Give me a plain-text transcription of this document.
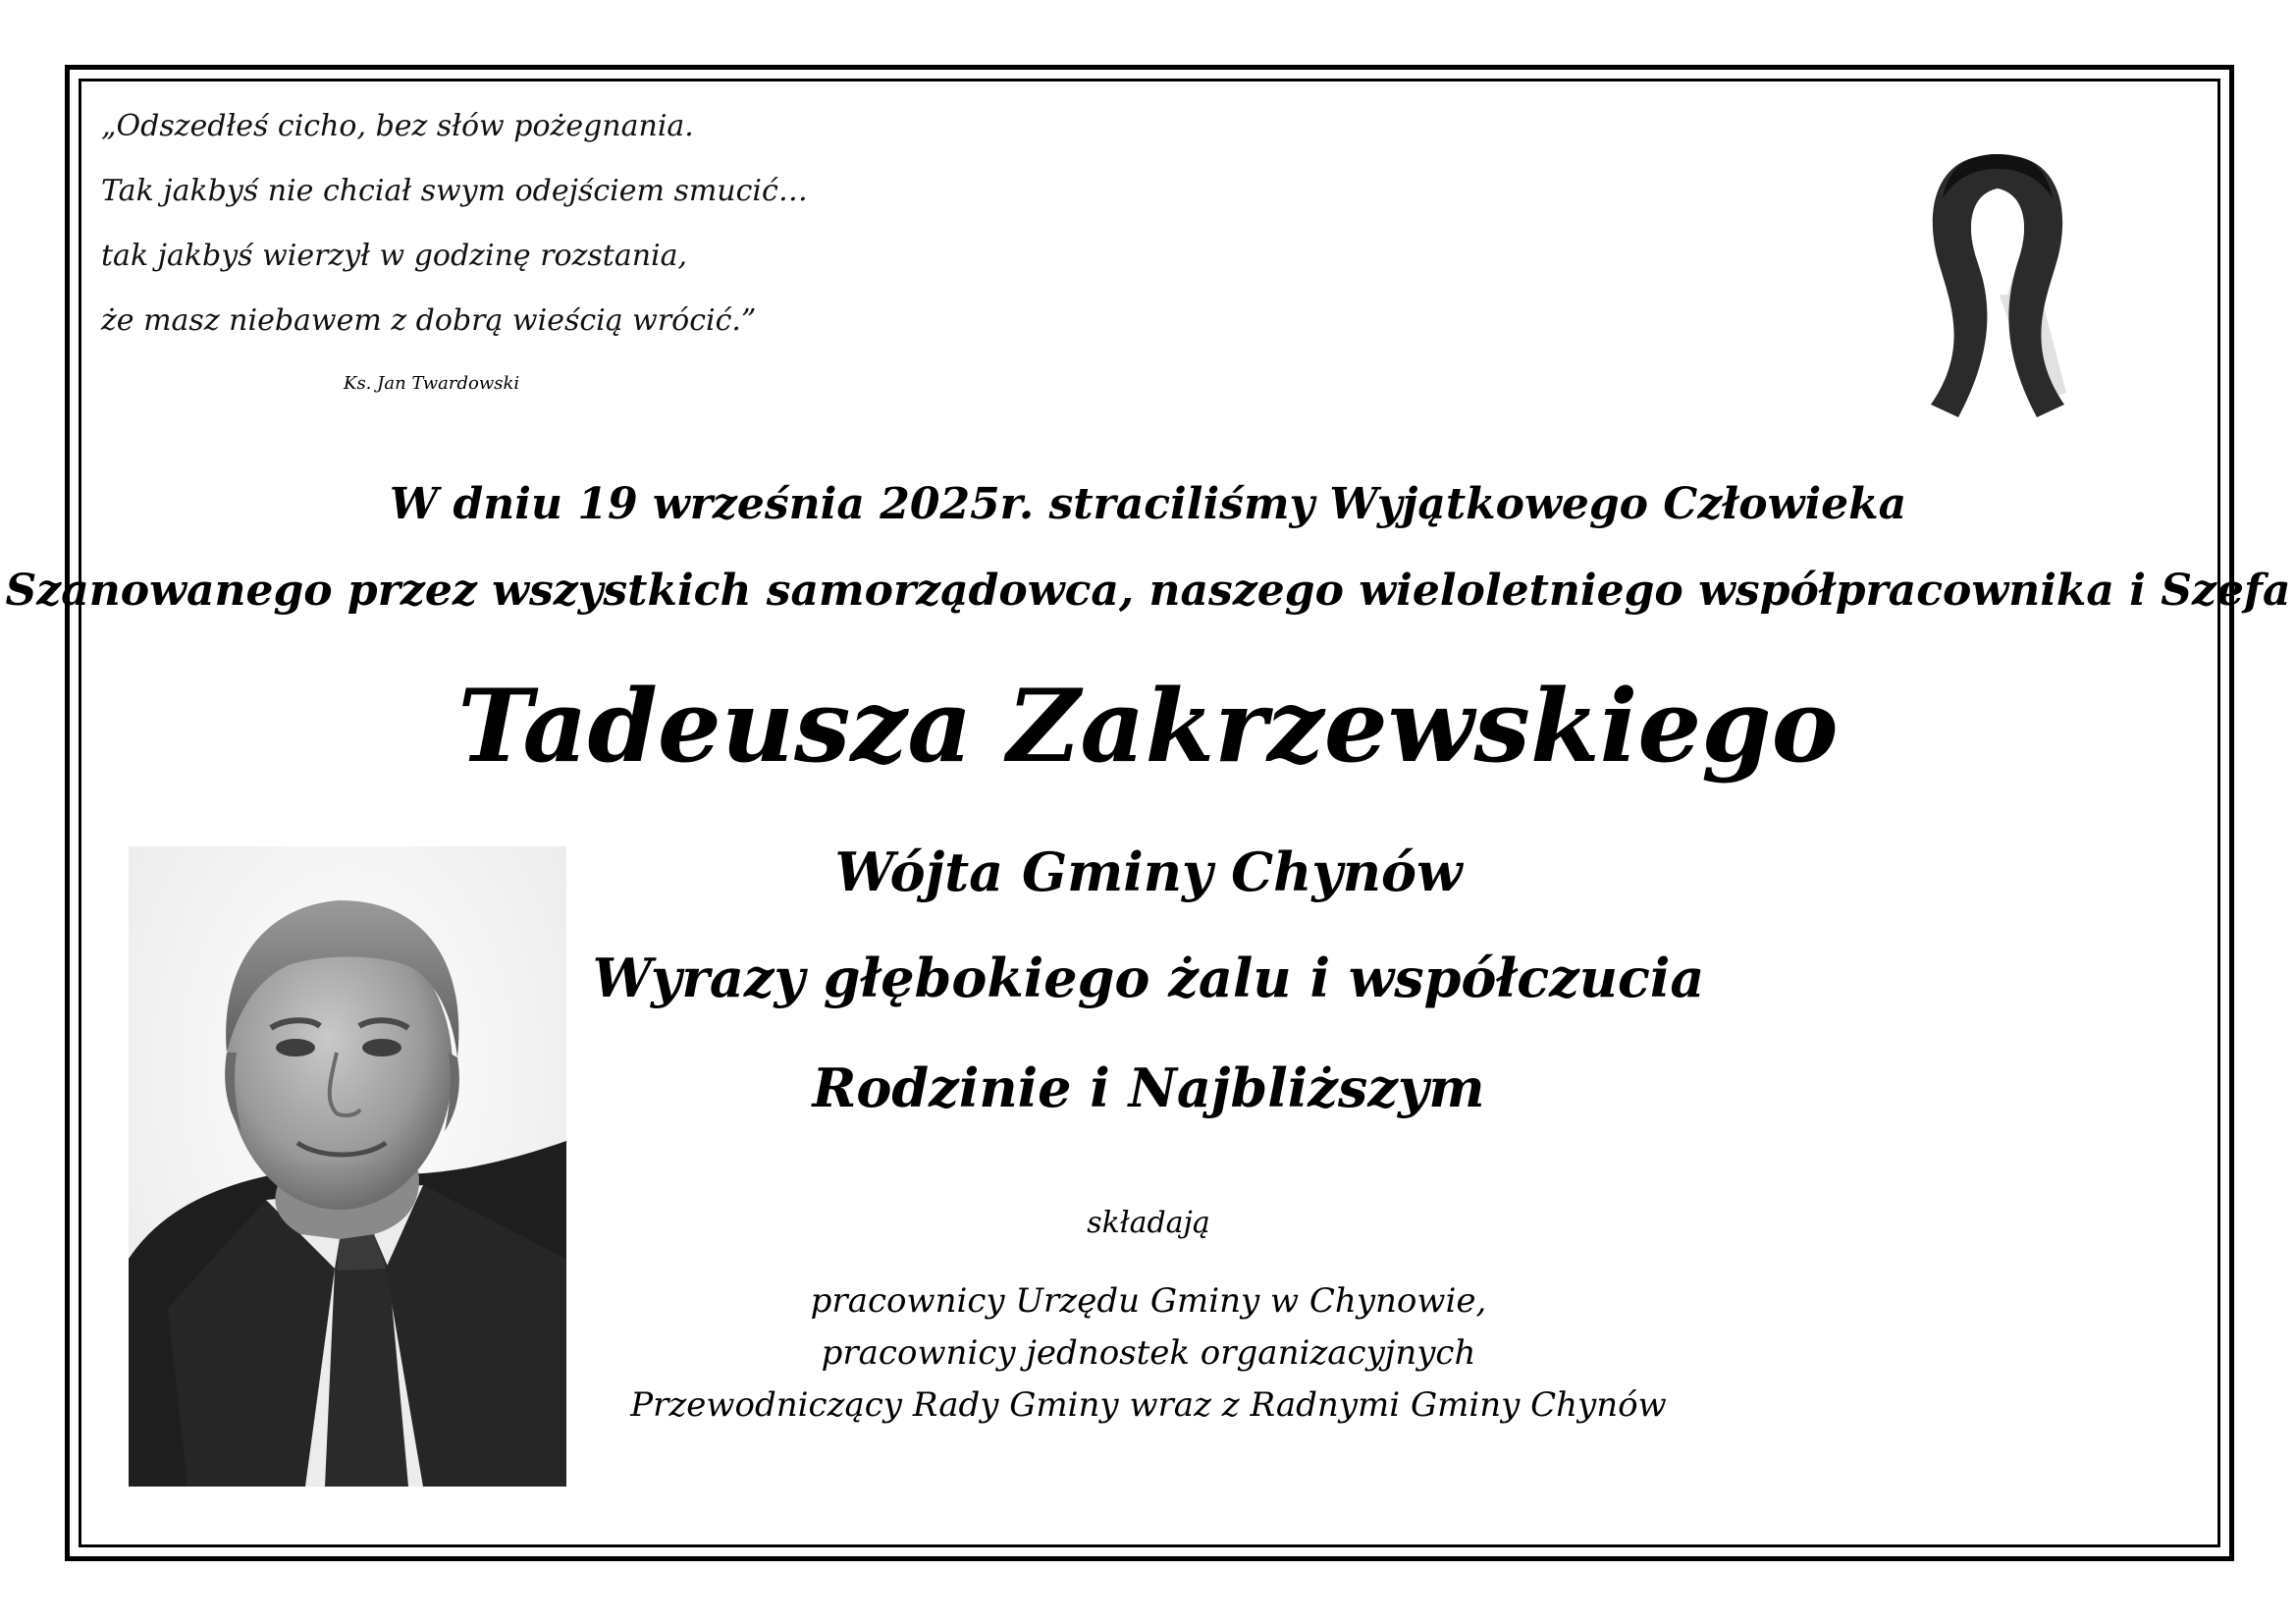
„Odszedłeś cicho, bez słów pożegnania.
Tak jakbyś nie chciał swym odejściem smucić…
tak jakbyś wierzył w godzinę rozstania,
że masz niebawem z dobrą wieścią wrócić.”
Ks. Jan Twardowski
W dniu 19 września 2025r. straciliśmy Wyjątkowego Człowieka
Szanowanego przez wszystkich samorządowca, naszego wieloletniego współpracownika i Szefa
Tadeusza Zakrzewskiego
Wójta Gminy Chynów
Wyrazy głębokiego żalu i współczucia
Rodzinie i Najbliższym
składają
pracownicy Urzędu Gminy w Chynowie,
pracownicy jednostek organizacyjnych
Przewodniczący Rady Gminy wraz z Radnymi Gminy Chynów
